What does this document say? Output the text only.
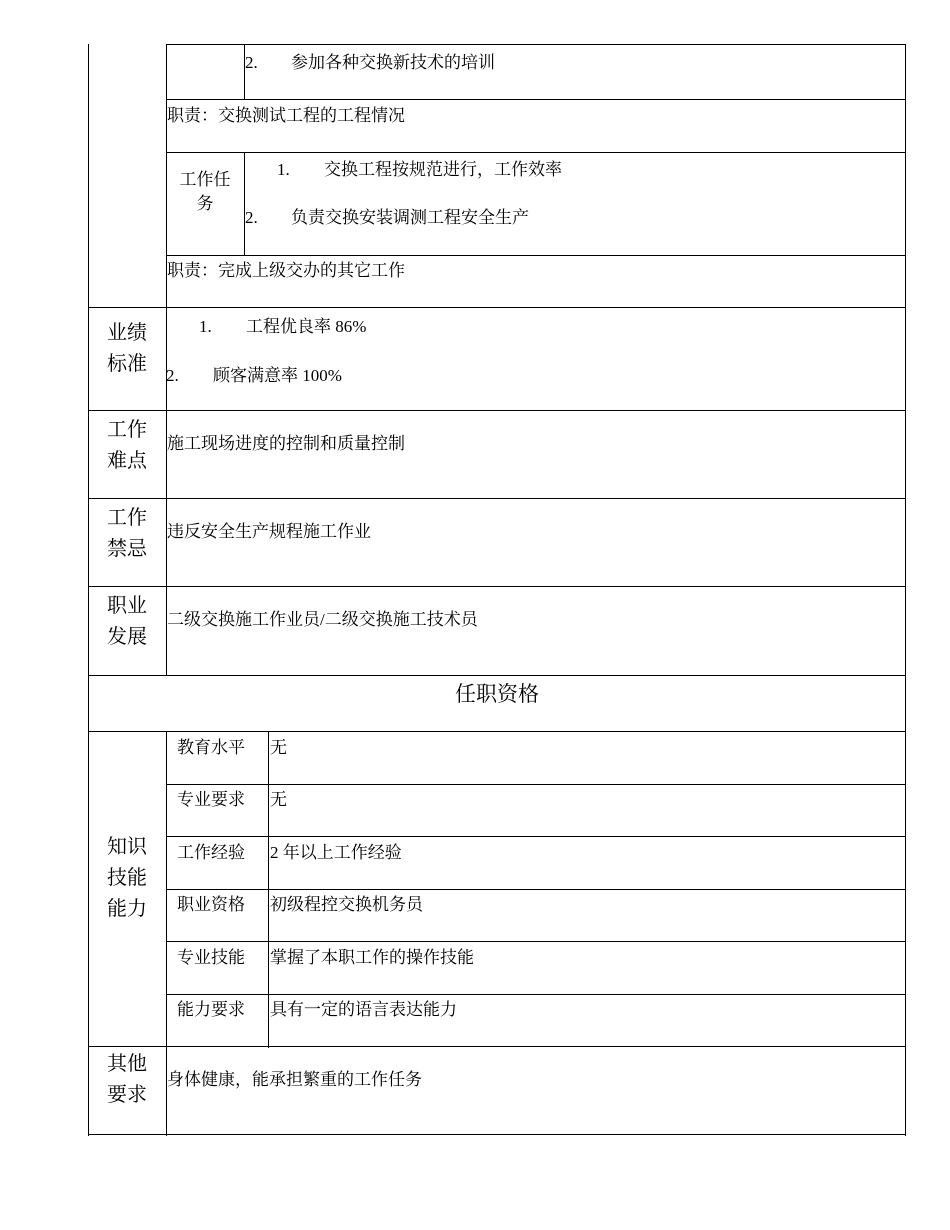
2. 参加各种交换新技术的培训
职责：交换测试工程的工程情况
工作任务
1. 交换工程按规范进行，工作效率
2. 负责交换安装调测工程安全生产
职责：完成上级交办的其它工作
业绩标准
1. 工程优良率 86%
2. 顾客满意率 100%
工作难点
施工现场进度的控制和质量控制
工作禁忌
违反安全生产规程施工作业
职业发展
二级交换施工作业员/二级交换施工技术员
任职资格
知识技能能力
教育水平 无
专业要求 无
工作经验 2 年以上工作经验
职业资格 初级程控交换机务员
专业技能 掌握了本职工作的操作技能
能力要求 具有一定的语言表达能力
其他要求
身体健康，能承担繁重的工作任务
